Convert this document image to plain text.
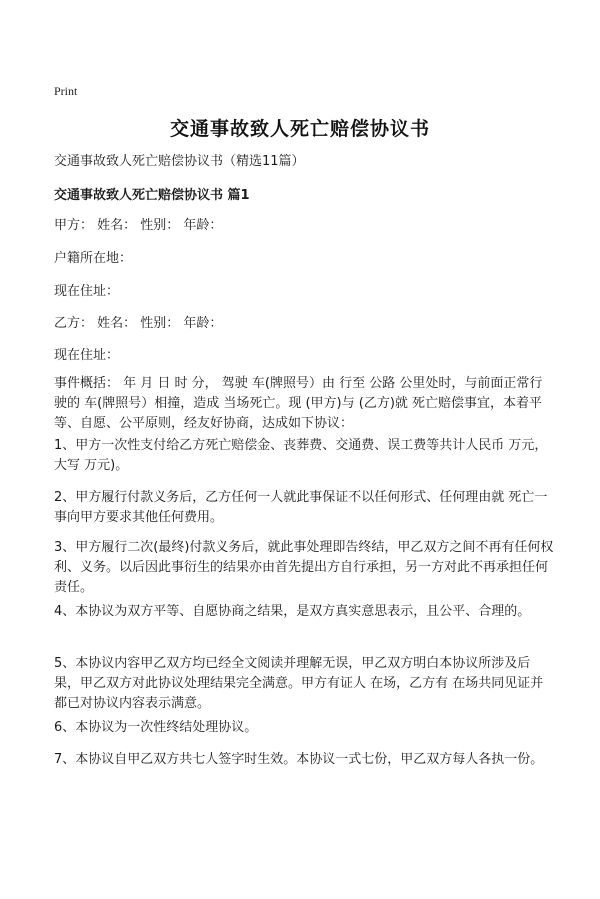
Print
交通事故致人死亡赔偿协议书

交通事故致人死亡赔偿协议书（精选11篇）

交通事故致人死亡赔偿协议书 篇1

甲方： 姓名： 性别： 年龄：

户籍所在地：

现在住址：

乙方： 姓名： 性别： 年龄：

现在住址：

事件概括： 年 月 日 时 分， 驾驶 车(牌照号）由 行至 公路 公里处时，与前面正常行驶的 车(牌照号）相撞，造成 当场死亡。现 (甲方)与 (乙方)就 死亡赔偿事宜，本着平等、自愿、公平原则，经友好协商，达成如下协议：

1、甲方一次性支付给乙方死亡赔偿金、丧葬费、交通费、误工费等共计人民币 万元，大写 万元)。

2、甲方履行付款义务后，乙方任何一人就此事保证不以任何形式、任何理由就 死亡一事向甲方要求其他任何费用。

3、甲方履行二次(最终)付款义务后，就此事处理即告终结，甲乙双方之间不再有任何权利、义务。以后因此事衍生的结果亦由首先提出方自行承担，另一方对此不再承担任何责任。

4、本协议为双方平等、自愿协商之结果，是双方真实意思表示，且公平、合理的。

5、本协议内容甲乙双方均已经全文阅读并理解无误，甲乙双方明白本协议所涉及后果，甲乙双方对此协议处理结果完全满意。甲方有证人 在场，乙方有 在场共同见证并都已对协议内容表示满意。

6、本协议为一次性终结处理协议。

7、本协议自甲乙双方共七人签字时生效。本协议一式七份，甲乙双方每人各执一份。
